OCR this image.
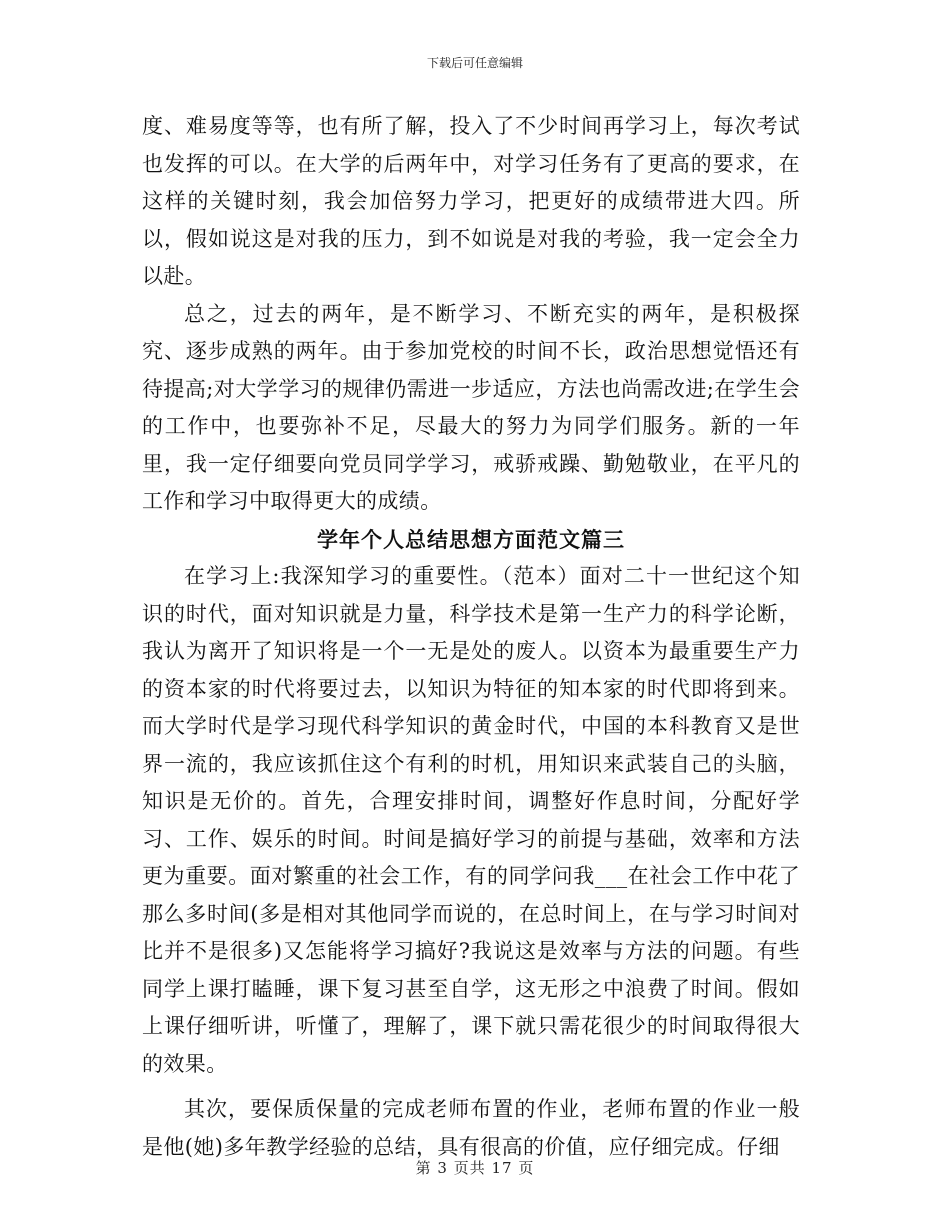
下载后可任意编辑

度、难易度等等，也有所了解，投入了不少时间再学习上，每次考试也发挥的可以。在大学的后两年中，对学习任务有了更高的要求，在这样的关键时刻，我会加倍努力学习，把更好的成绩带进大四。所以，假如说这是对我的压力，到不如说是对我的考验，我一定会全力以赴。

总之，过去的两年，是不断学习、不断充实的两年，是积极探究、逐步成熟的两年。由于参加党校的时间不长，政治思想觉悟还有待提高;对大学学习的规律仍需进一步适应，方法也尚需改进;在学生会的工作中，也要弥补不足，尽最大的努力为同学们服务。新的一年里，我一定仔细要向党员同学学习，戒骄戒躁、勤勉敬业，在平凡的工作和学习中取得更大的成绩。

学年个人总结思想方面范文篇三

在学习上:我深知学习的重要性。（范本）面对二十一世纪这个知识的时代，面对知识就是力量，科学技术是第一生产力的科学论断，我认为离开了知识将是一个一无是处的废人。以资本为最重要生产力的资本家的时代将要过去，以知识为特征的知本家的时代即将到来。而大学时代是学习现代科学知识的黄金时代，中国的本科教育又是世界一流的，我应该抓住这个有利的时机，用知识来武装自己的头脑，知识是无价的。首先，合理安排时间，调整好作息时间，分配好学习、工作、娱乐的时间。时间是搞好学习的前提与基础，效率和方法更为重要。面对繁重的社会工作，有的同学问我___在社会工作中花了那么多时间(多是相对其他同学而说的，在总时间上，在与学习时间对比并不是很多)又怎能将学习搞好?我说这是效率与方法的问题。有些同学上课打瞌睡，课下复习甚至自学，这无形之中浪费了时间。假如上课仔细听讲，听懂了，理解了，课下就只需花很少的时间取得很大的效果。

其次，要保质保量的完成老师布置的作业，老师布置的作业一般是他(她)多年教学经验的总结，具有很高的价值，应仔细完成。仔细

第 3 页共 17 页
